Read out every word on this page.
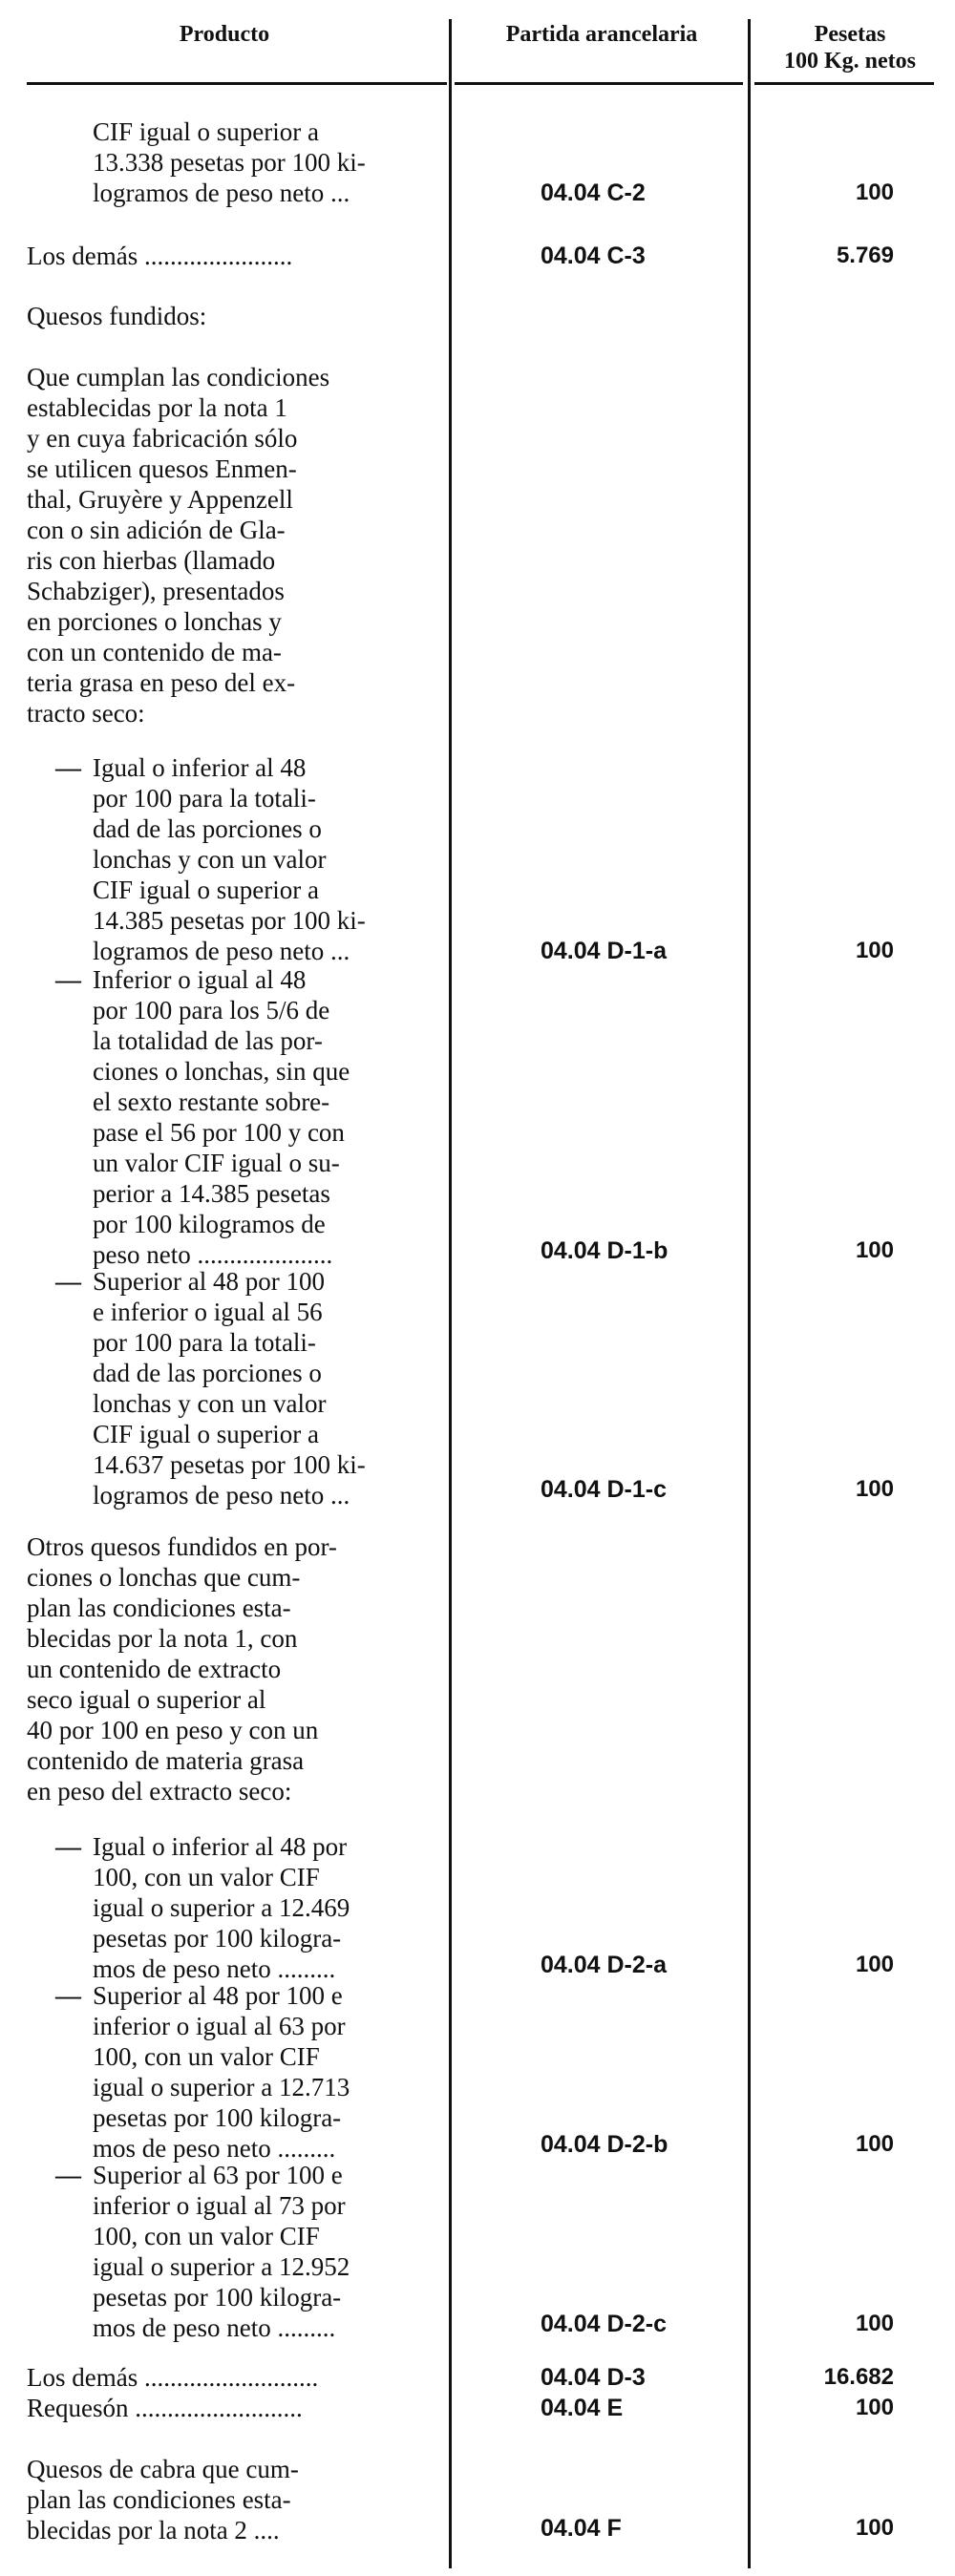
Producto	Partida arancelaria	Pesetas
100 Kg. netos
CIF igual o superior a
13.338 pesetas por 100 ki-
logramos de peso neto ...	04.04 C-2	100
Los demás .......................	04.04 C-3	5.769
Quesos fundidos:
Que cumplan las condiciones
establecidas por la nota 1
y en cuya fabricación sólo
se utilicen quesos Enmen-
thal, Gruyère y Appenzell
con o sin adición de Gla-
ris con hierbas (llamado
Schabziger), presentados
en porciones o lonchas y
con un contenido de ma-
teria grasa en peso del ex-
tracto seco:
— Igual o inferior al 48
por 100 para la totali-
dad de las porciones o
lonchas y con un valor
CIF igual o superior a
14.385 pesetas por 100 ki-
logramos de peso neto ...	04.04 D-1-a	100
— Inferior o igual al 48
por 100 para los 5/6 de
la totalidad de las por-
ciones o lonchas, sin que
el sexto restante sobre-
pase el 56 por 100 y con
un valor CIF igual o su-
perior a 14.385 pesetas
por 100 kilogramos de
peso neto .....................	04.04 D-1-b	100
— Superior al 48 por 100
e inferior o igual al 56
por 100 para la totali-
dad de las porciones o
lonchas y con un valor
CIF igual o superior a
14.637 pesetas por 100 ki-
logramos de peso neto ...	04.04 D-1-c	100
Otros quesos fundidos en por-
ciones o lonchas que cum-
plan las condiciones esta-
blecidas por la nota 1, con
un contenido de extracto
seco igual o superior al
40 por 100 en peso y con un
contenido de materia grasa
en peso del extracto seco:
— Igual o inferior al 48 por
100, con un valor CIF
igual o superior a 12.469
pesetas por 100 kilogra-
mos de peso neto .........	04.04 D-2-a	100
— Superior al 48 por 100 e
inferior o igual al 63 por
100, con un valor CIF
igual o superior a 12.713
pesetas por 100 kilogra-
mos de peso neto .........	04.04 D-2-b	100
— Superior al 63 por 100 e
inferior o igual al 73 por
100, con un valor CIF
igual o superior a 12.952
pesetas por 100 kilogra-
mos de peso neto .........	04.04 D-2-c	100
Los demás ...........................	04.04 D-3	16.682
Requesón ..........................	04.04 E	100
Quesos de cabra que cum-
plan las condiciones esta-
blecidas por la nota 2 ....	04.04 F	100
